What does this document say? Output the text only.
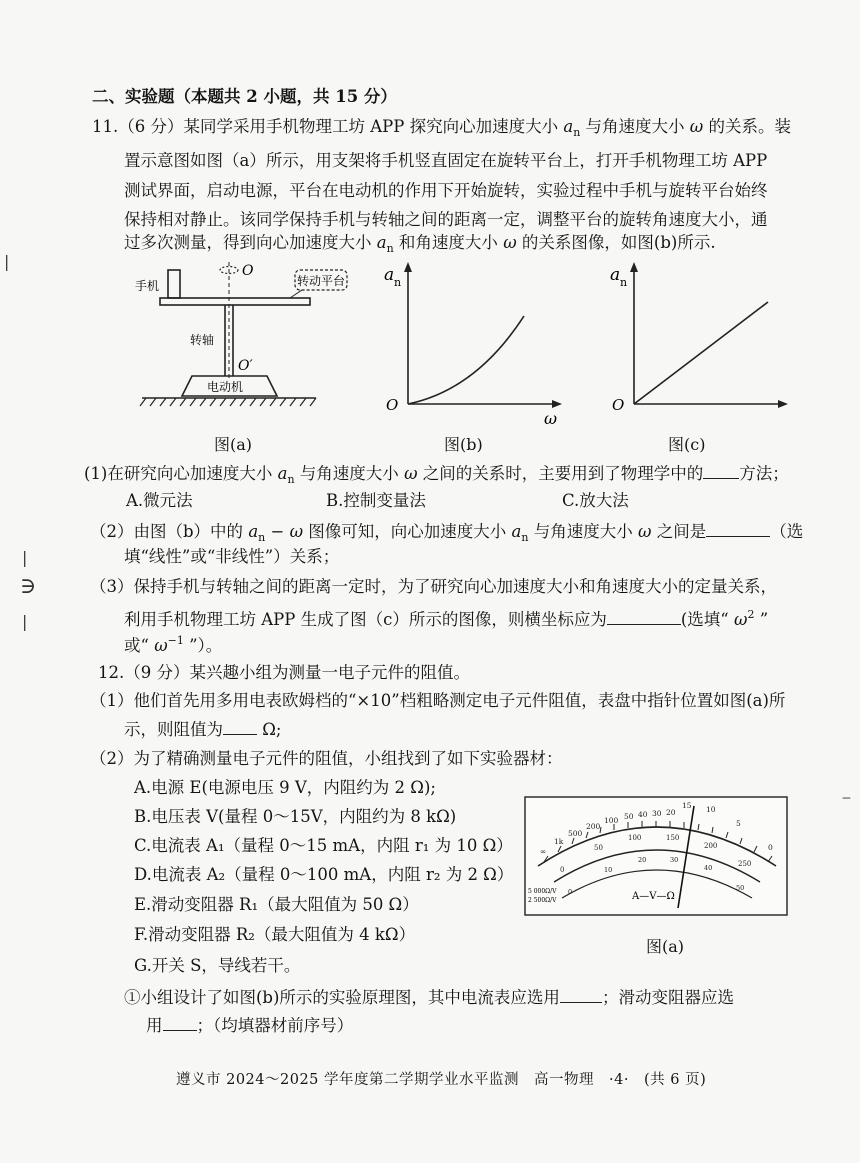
二、实验题（本题共 2 小题，共 15 分）
11.（6 分）某同学采用手机物理工坊 APP 探究向心加速度大小 $a_n$ 与角速度大小 ω 的关系。装
置示意图如图（a）所示，用支架将手机竖直固定在旋转平台上，打开手机物理工坊 APP
测试界面，启动电源，平台在电动机的作用下开始旋转，实验过程中手机与旋转平台始终
保持相对静止。该同学保持手机与转轴之间的距离一定，调整平台的旋转角速度大小，通
过多次测量，得到向心加速度大小 $a_n$ 和角速度大小 ω 的关系图像，如图(b)所示.
转动平台
手机
转轴
电动机
O
O′
图(a)
a n
O
ω
图(b)
a n
O
图(c)
(1)在研究向心加速度大小 $a_n$ 与角速度大小 ω 之间的关系时，主要用到了物理学中的 方法；
A.微元法	B.控制变量法	C.放大法
（2）由图（b）中的 $a_n - \omega$ 图像可知，向心加速度大小 $a_n$ 与角速度大小 ω 之间是	（选
填“线性”或“非线性”）关系；
（3）保持手机与转轴之间的距离一定时，为了研究向心加速度大小和角速度大小的定量关系，
利用手机物理工坊 APP 生成了图（c）所示的图像，则横坐标应为	(选填“ $\omega^2$ ”
或“ $\omega^{-1}$ ”）。
12.（9 分）某兴趣小组为测量一电子元件的阻值。
（1）他们首先用多用电表欧姆档的“×10”档粗略测定电子元件阻值，表盘中指针位置如图(a)所
示，则阻值为 Ω;
（2）为了精确测量电子元件的阻值，小组找到了如下实验器材：
A.电源 E(电源电压 9 V，内阻约为 2 Ω);
B.电压表 V(量程 0～15V，内阻约为 8 kΩ)
C.电流表 A₁（量程 0～15 mA，内阻 r₁ 为 10 Ω）
D.电流表 A₂（量程 0～100 mA，内阻 r₂ 为 2 Ω）
E.滑动变阻器 R₁（最大阻值为 50 Ω）
F.滑动变阻器 R₂（最大阻值为 4 kΩ）
G.开关 S，导线若干。
∞
1k
500
200
100 50 40 30 20
15 10
5
0
0
50
100	150
200
250
0
10
20	30
40
50
A—V—Ω
5 000Ω/V
2 500Ω/V
图(a)
①小组设计了如图(b)所示的实验原理图，其中电流表应选用	；滑动变阻器应选
用 ；（均填器材前序号）
遵义市 2024～2025 学年度第二学期学业水平监测　高一物理　·4·　(共 6 页)
|
|
∋
|
‒
